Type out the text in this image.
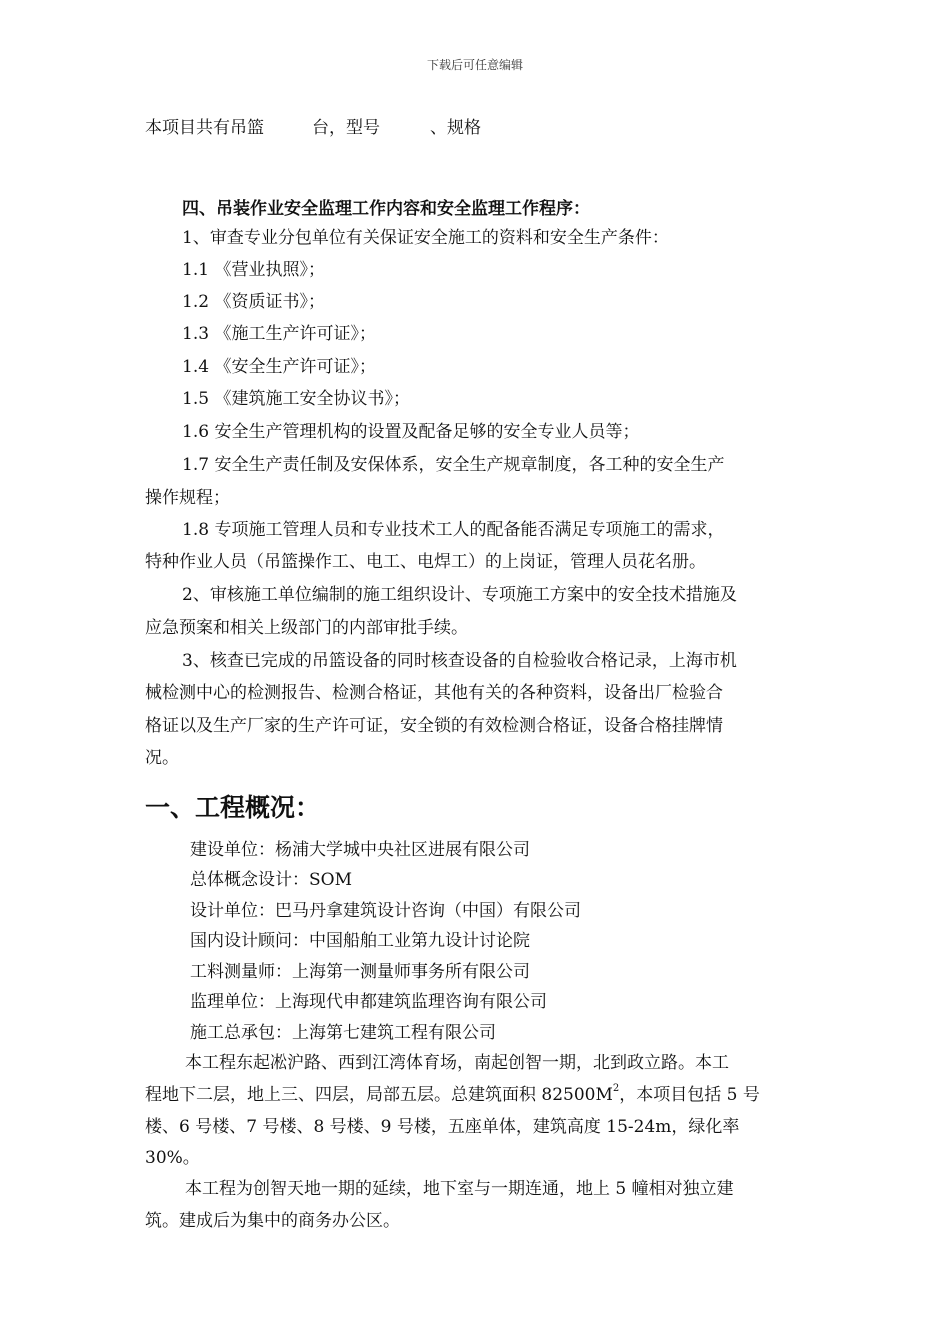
下载后可任意编辑
本项目共有吊篮	台，型号	、规格
四、吊装作业安全监理工作内容和安全监理工作程序：
1、审查专业分包单位有关保证安全施工的资料和安全生产条件：
1.1 《营业执照》；
1.2 《资质证书》；
1.3 《施工生产许可证》；
1.4 《安全生产许可证》；
1.5 《建筑施工安全协议书》；
1.6 安全生产管理机构的设置及配备足够的安全专业人员等；
1.7 安全生产责任制及安保体系，安全生产规章制度，各工种的安全生产
操作规程；
1.8 专项施工管理人员和专业技术工人的配备能否满足专项施工的需求，
特种作业人员（吊篮操作工、电工、电焊工）的上岗证，管理人员花名册。
2、审核施工单位编制的施工组织设计、专项施工方案中的安全技术措施及
应急预案和相关上级部门的内部审批手续。
3、核查已完成的吊篮设备的同时核查设备的自检验收合格记录，上海市机
械检测中心的检测报告、检测合格证，其他有关的各种资料，设备出厂检验合
格证以及生产厂家的生产许可证，安全锁的有效检测合格证，设备合格挂牌情
况。
一、工程概况：
建设单位：杨浦大学城中央社区进展有限公司
总体概念设计：SOM
设计单位：巴马丹拿建筑设计咨询（中国）有限公司
国内设计顾问：中国船舶工业第九设计讨论院
工料测量师：上海第一测量师事务所有限公司
监理单位：上海现代申都建筑监理咨询有限公司
施工总承包：上海第七建筑工程有限公司
本工程东起凇沪路、西到江湾体育场，南起创智一期，北到政立路。本工
程地下二层，地上三、四层，局部五层。总建筑面积 $82500M^2$，本项目包括 5 号
楼、6 号楼、7 号楼、8 号楼、9 号楼，五座单体，建筑高度 15-24m，绿化率
30%。
本工程为创智天地一期的延续，地下室与一期连通，地上 5 幢相对独立建
筑。建成后为集中的商务办公区。
